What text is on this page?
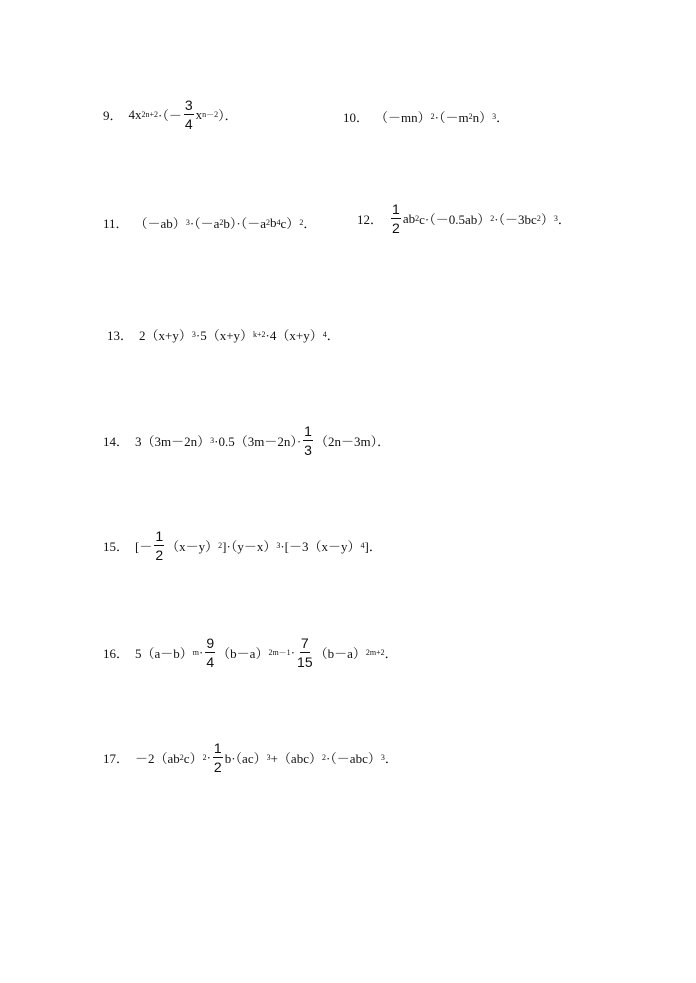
9． 4x 2n+2 ·（－ $\frac{3}{4}$ x n－2 ）．	10． （－mn） 2 ·（－m 2 n） 3 ．
11． （－ab） 3 ·（－a 2 b）·（－a 2 b 4 c） 2 ．	12． $\frac{1}{2}$ ab 2 c·（－0.5ab） 2 ·（－3bc 2 ） 3 ．
13． 2（x+y） 3 ·5（x+y） k+2 ·4（x+y） 4 ．
14． 3（3m－2n） $3 \cdot 0.5(3m-2n)\cdot \frac{1}{3} (2n-3m)$．
15． [－ $\frac{1}{2} (x-y)$ 2 ]·（y－x） 3 ·[－3（x－y） 4 ]．
16． 5（a－b） $m \cdot \frac{9}{4} (b-a) 2m-1 \cdot \frac{7}{15} (b-a)$ 2m+2 ．
17． －2（ab 2 c） $2 \cdot \frac{1}{2} b\cdot(ac)$ 3 +（abc） 2 ·（－abc） 3 ．
